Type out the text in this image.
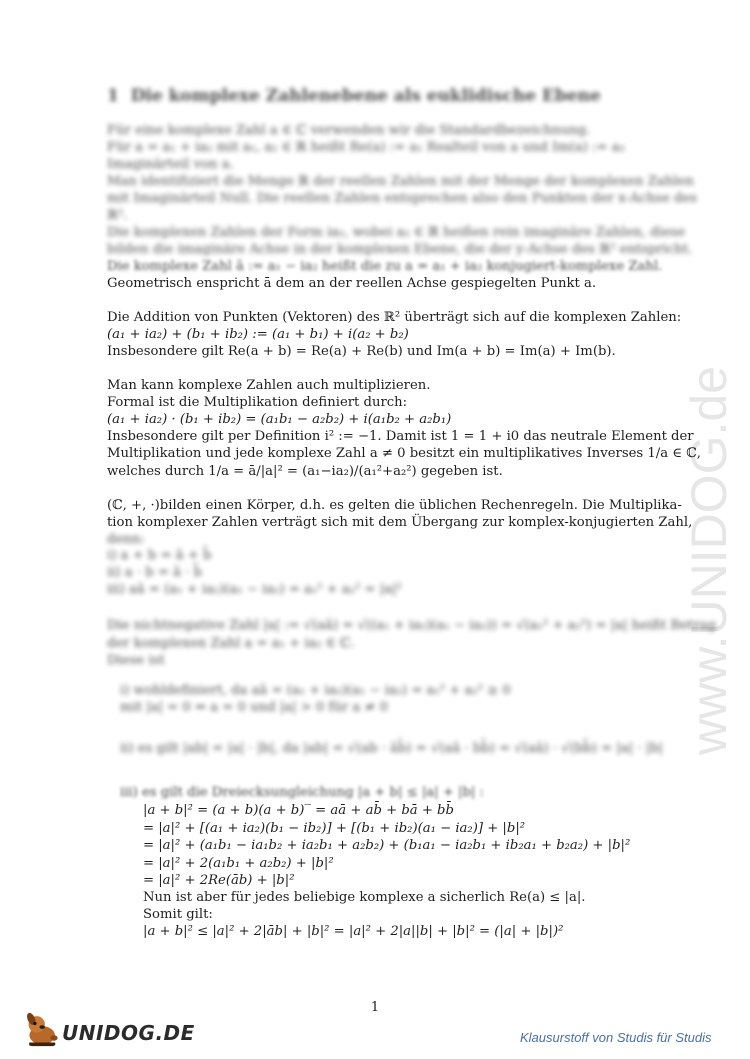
www.UNIDOG.de
1 Die komplexe Zahlenebene als euklidische Ebene
Für eine komplexe Zahl a ∈ ℂ verwenden wir die Standardbezeichnung.
Für a = a₁ + ia₂ mit a₁, a₂ ∈ ℝ heißt Re(a) := a₁ Realteil von a und Im(a) := a₂
Imaginärteil von a.
Man identifiziert die Menge ℝ der reellen Zahlen mit der Menge der komplexen Zahlen
mit Imaginärteil Null. Die reellen Zahlen entsprechen also den Punkten der x-Achse des
ℝ².
Die komplexen Zahlen der Form ia₂, wobei a₂ ∈ ℝ heißen rein imaginäre Zahlen, diese
bilden die imaginäre Achse in der komplexen Ebene, die der y-Achse des ℝ² entspricht.
Die komplexe Zahl ā := a₁ − ia₂ heißt die zu a = a₁ + ia₂ konjugiert-komplexe Zahl.
Geometrisch enspricht ā dem an der reellen Achse gespiegelten Punkt a.
Die Addition von Punkten (Vektoren) des ℝ² überträgt sich auf die komplexen Zahlen:
(a₁ + ia₂) + (b₁ + ib₂) := (a₁ + b₁) + i(a₂ + b₂)
Insbesondere gilt Re(a + b) = Re(a) + Re(b) und Im(a + b) = Im(a) + Im(b).
Man kann komplexe Zahlen auch multiplizieren.
Formal ist die Multiplikation definiert durch:
(a₁ + ia₂) · (b₁ + ib₂) = (a₁b₁ − a₂b₂) + i(a₁b₂ + a₂b₁)
Insbesondere gilt per Definition i² := −1. Damit ist 1 = 1 + i0 das neutrale Element der
Multiplikation und jede komplexe Zahl a ≠ 0 besitzt ein multiplikatives Inverses 1/a ∈ ℂ,
welches durch 1/a = ā/|a|² = (a₁−ia₂)/(a₁²+a₂²) gegeben ist.
(ℂ, +, ·)bilden einen Körper, d.h. es gelten die üblichen Rechenregeln. Die Multiplika-
tion komplexer Zahlen verträgt sich mit dem Übergang zur komplex-konjugierten Zahl,
denn:
i) a + b = ā + b̄
ii) a · b = ā · b̄
iii) aā = (a₁ + ia₂)(a₁ − ia₂) = a₁² + a₂² = |a|²
Die nichtnegative Zahl |a| := √(aā) = √((a₁ + ia₂)(a₁ − ia₂)) = √(a₁² + a₂²) = |a| heißt Betrag
der komplexen Zahl a = a₁ + ia₂ ∈ ℂ.
Diese ist
i) wohldefiniert, da aā = (a₁ + ia₂)(a₁ − ia₂) = a₁² + a₂² ≥ 0
mit |a| = 0 ⇔ a = 0 und |a| > 0 für a ≠ 0
ii) es gilt |ab| = |a| · |b|, da |ab| = √(ab · āb̄) = √(aā · bb̄) = √(aā) · √(bb̄) = |a| · |b|
iii) es gilt die Dreiecksungleichung |a + b| ≤ |a| + |b| :
|a + b|² = (a + b)(a + b)‾ = aā + ab̄ + bā + bb̄
= |a|² + [(a₁ + ia₂)(b₁ − ib₂)] + [(b₁ + ib₂)(a₁ − ia₂)] + |b|²
= |a|² + (a₁b₁ − ia₁b₂ + ia₂b₁ + a₂b₂) + (b₁a₁ − ia₂b₁ + ib₂a₁ + b₂a₂) + |b|²
= |a|² + 2(a₁b₁ + a₂b₂) + |b|²
= |a|² + 2Re(āb) + |b|²
Nun ist aber für jedes beliebige komplexe a sicherlich Re(a) ≤ |a|.
Somit gilt:
|a + b|² ≤ |a|² + 2|āb| + |b|² = |a|² + 2|a||b| + |b|² = (|a| + |b|)²
1
UNIDOG.DE	Klausurstoff von Studis für Studis
